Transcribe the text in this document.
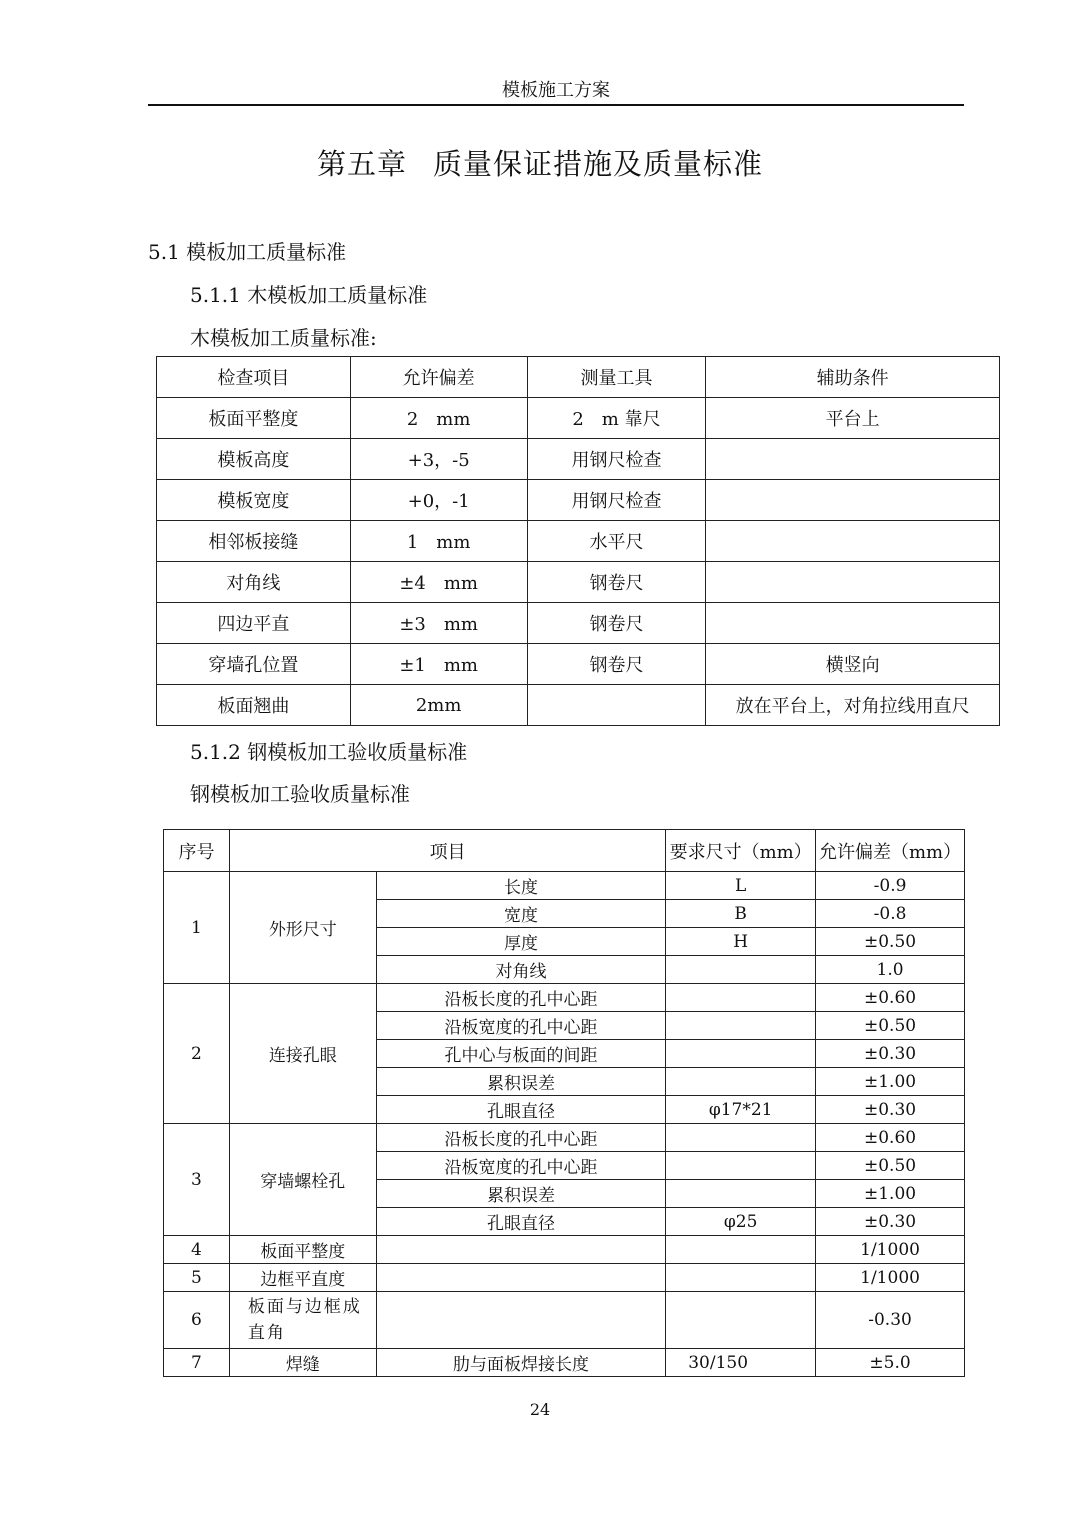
模板施工方案
第五章 质量保证措施及质量标准
5.1 模板加工质量标准
5.1.1 木模板加工质量标准
木模板加工质量标准:
检查项目	允许偏差	测量工具	辅助条件
板面平整度	2　mm	2　m 靠尺	平台上
模板高度	+3，-5	用钢尺检查	
模板宽度	+0，-1	用钢尺检查	
相邻板接缝	1　mm	水平尺	
对角线	±4　mm	钢卷尺	
四边平直	±3　mm	钢卷尺	
穿墙孔位置	±1　mm	钢卷尺	横竖向
板面翘曲	2mm		放在平台上，对角拉线用直尺
5.1.2 钢模板加工验收质量标准
钢模板加工验收质量标准
序号	项目		要求尺寸（mm）	允许偏差（mm）
1	外形尺寸	长度	L	-0.9
		宽度	B	-0.8
		厚度	H	±0.50
		对角线		1.0
2	连接孔眼	沿板长度的孔中心距		±0.60
		沿板宽度的孔中心距		±0.50
		孔中心与板面的间距		±0.30
		累积误差		±1.00
		孔眼直径	φ17*21	±0.30
3	穿墙螺栓孔	沿板长度的孔中心距		±0.60
		沿板宽度的孔中心距		±0.50
		累积误差		±1.00
		孔眼直径	φ25	±0.30
4	板面平整度			1/1000
5	边框平直度			1/1000
6	板面与边框成直角			-0.30
7	焊缝	肋与面板焊接长度	30/150	±5.0
24
